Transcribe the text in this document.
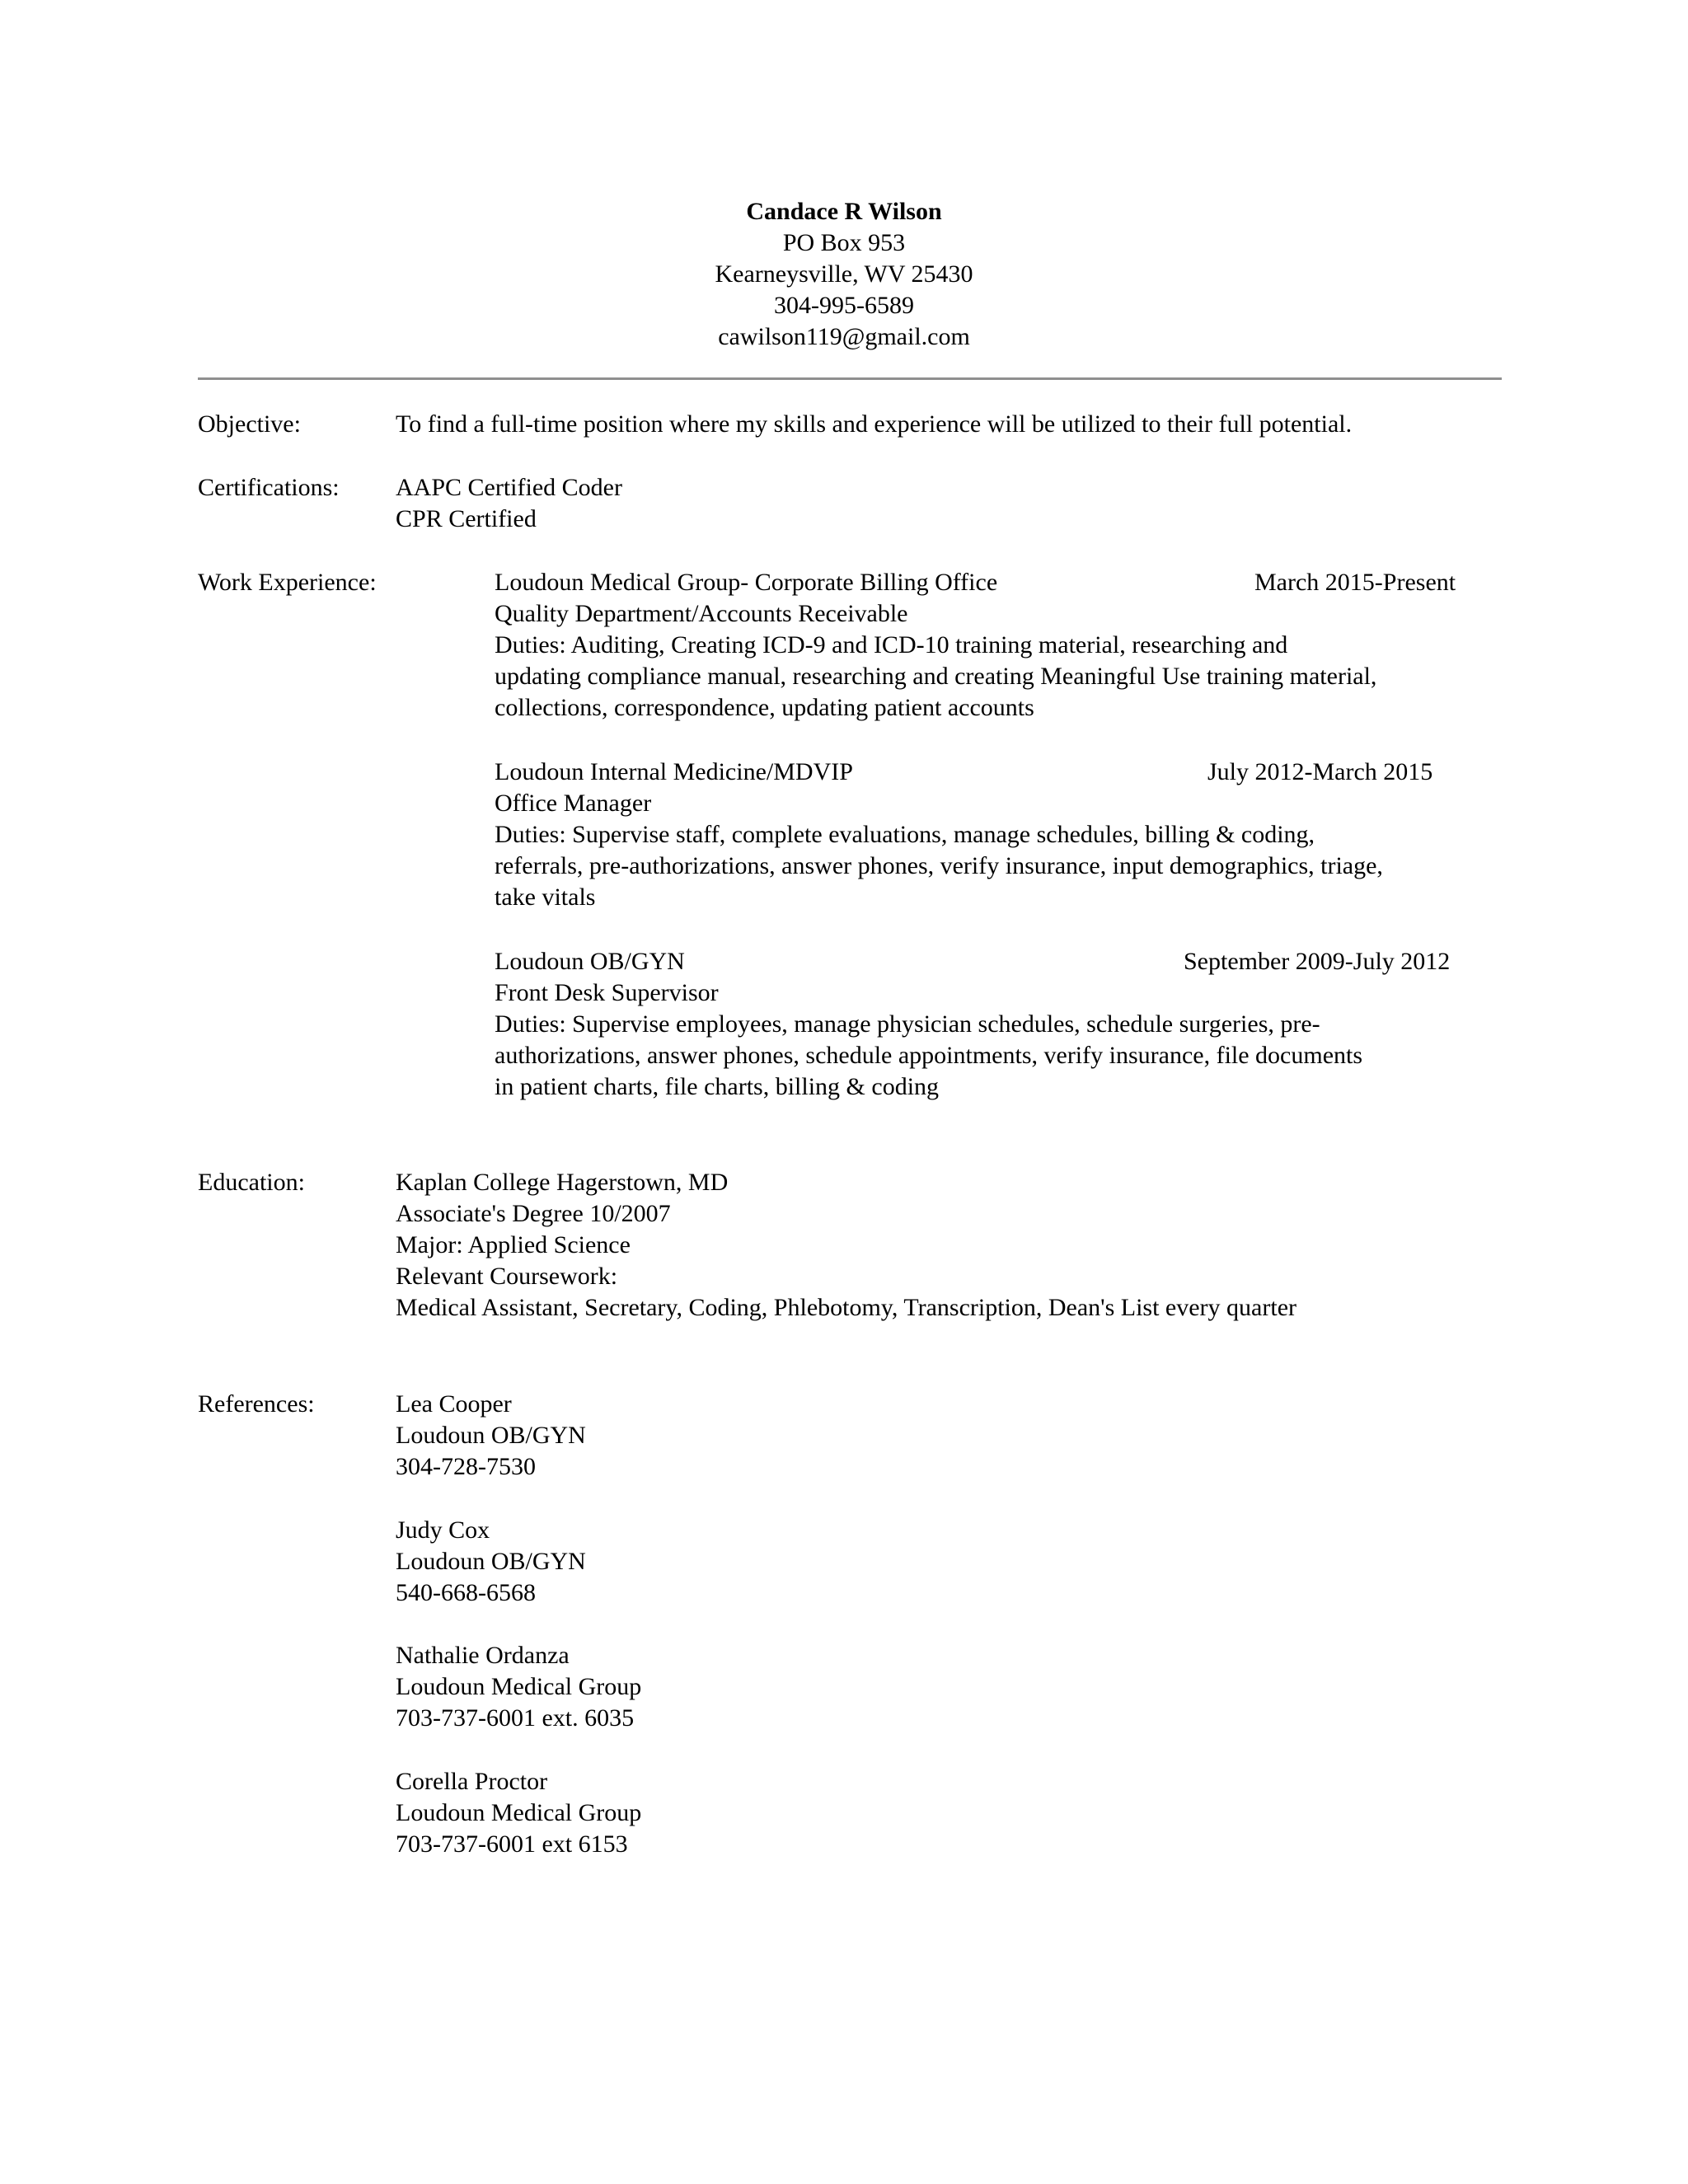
Candace R Wilson
PO Box 953
Kearneysville, WV 25430
304-995-6589
cawilson119@gmail.com
Objective:	To find a full-time position where my skills and experience will be utilized to their full potential.
Certifications: AAPC Certified Coder
CPR Certified
Work Experience:	Loudoun Medical Group- Corporate Billing Office	March 2015-Present
Quality Department/Accounts Receivable
Duties: Auditing, Creating ICD-9 and ICD-10 training material, researching and
updating compliance manual, researching and creating Meaningful Use training material,
collections, correspondence, updating patient accounts
Loudoun Internal Medicine/MDVIP	July 2012-March 2015
Office Manager
Duties: Supervise staff, complete evaluations, manage schedules, billing & coding,
referrals, pre-authorizations, answer phones, verify insurance, input demographics, triage,
take vitals
Loudoun OB/GYN	September 2009-July 2012
Front Desk Supervisor
Duties: Supervise employees, manage physician schedules, schedule surgeries, pre-
authorizations, answer phones, schedule appointments, verify insurance, file documents
in patient charts, file charts, billing & coding
Education:	Kaplan College Hagerstown, MD
Associate's Degree 10/2007
Major: Applied Science
Relevant Coursework:
Medical Assistant, Secretary, Coding, Phlebotomy, Transcription, Dean's List every quarter
References:	Lea Cooper
Loudoun OB/GYN
304-728-7530
Judy Cox
Loudoun OB/GYN
540-668-6568
Nathalie Ordanza
Loudoun Medical Group
703-737-6001 ext. 6035
Corella Proctor
Loudoun Medical Group
703-737-6001 ext 6153
